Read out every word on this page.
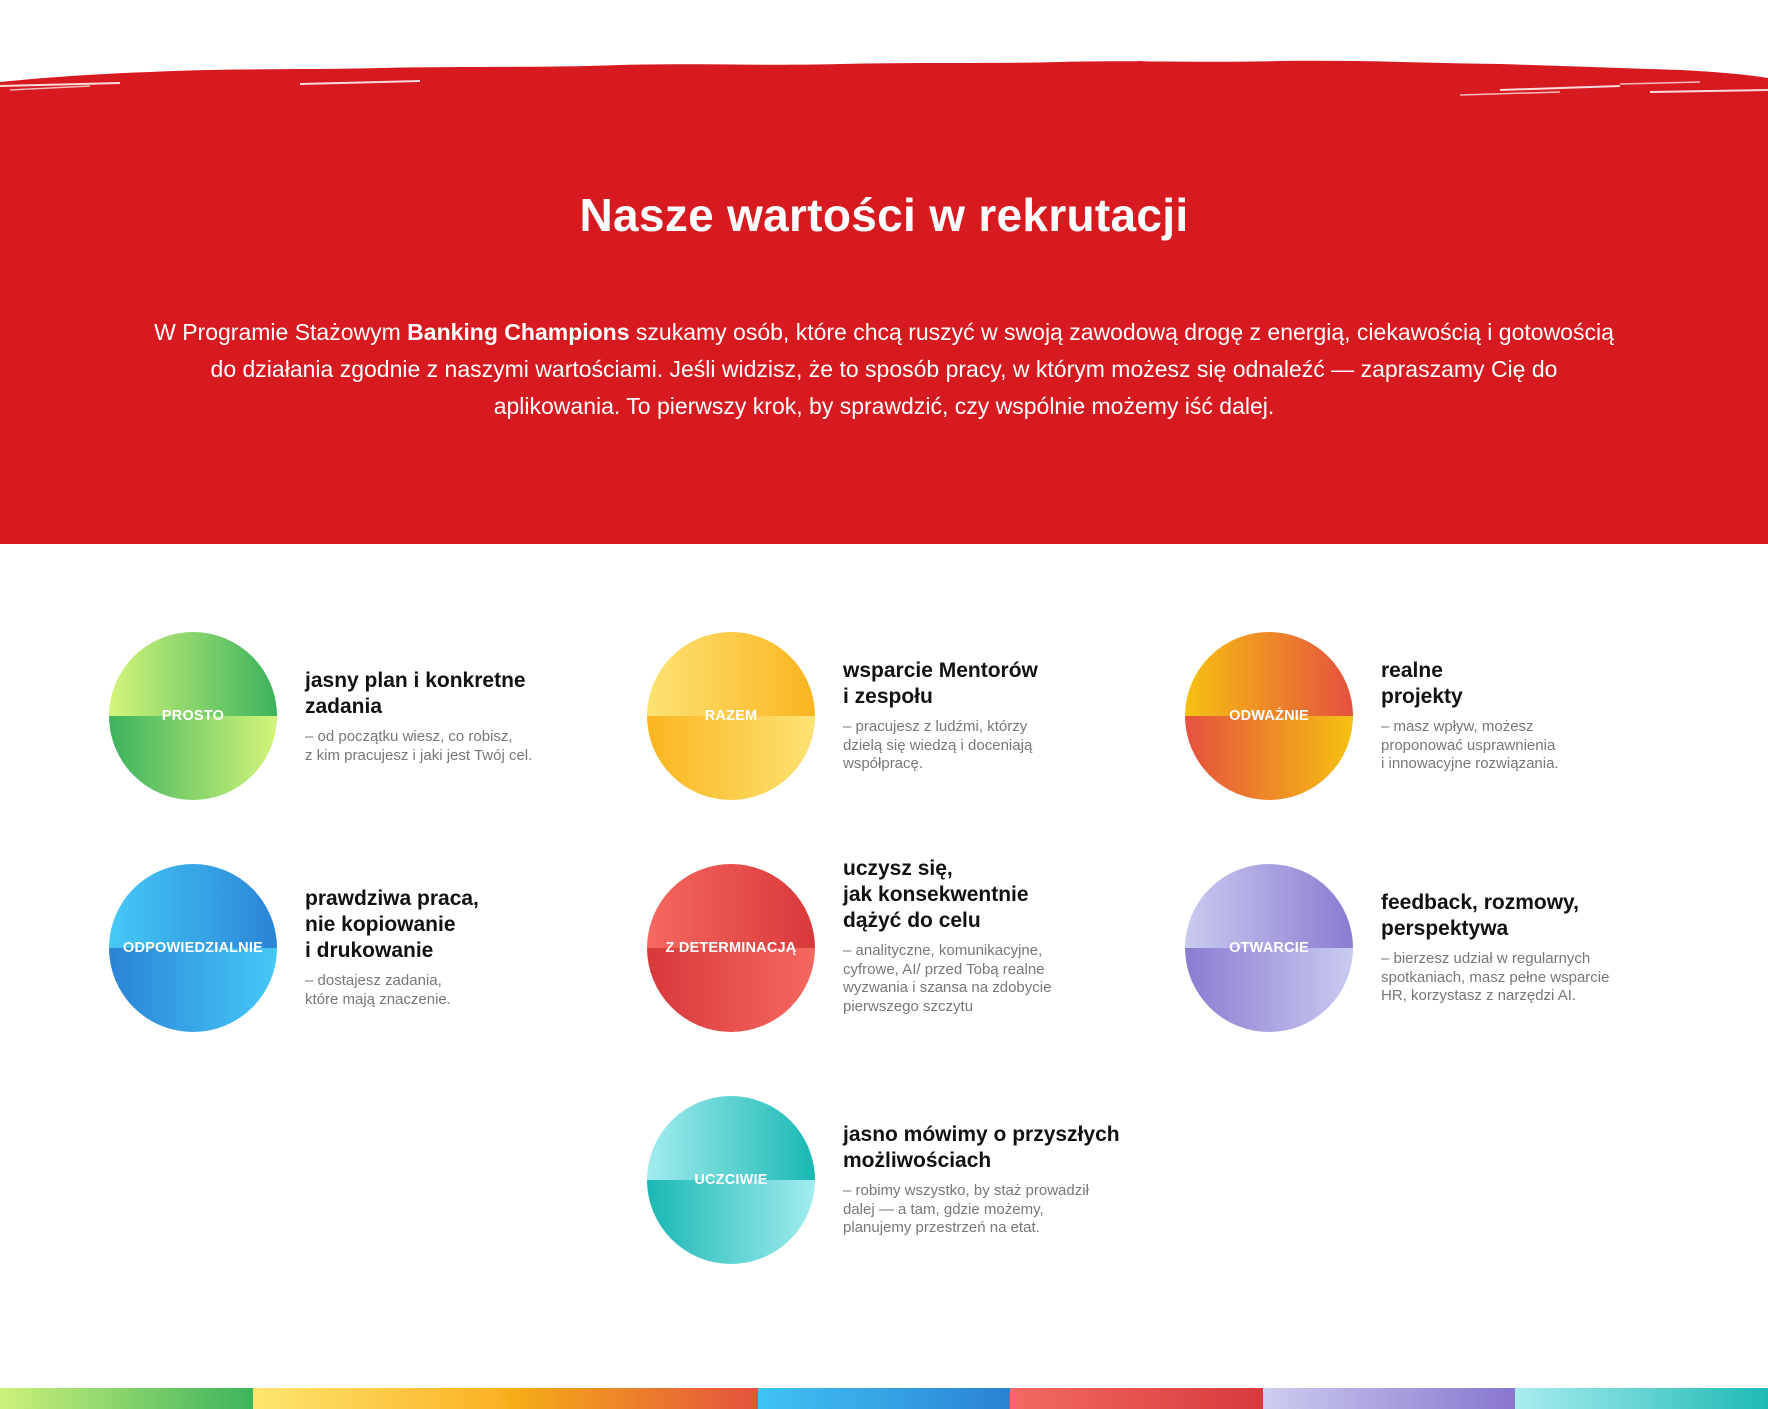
Nasze wartości w rekrutacji

W Programie Stażowym Banking Champions szukamy osób, które chcą ruszyć w swoją zawodową drogę z energią, ciekawością i gotowością do działania zgodnie z naszymi wartościami. Jeśli widzisz, że to sposób pracy, w którym możesz się odnaleźć — zapraszamy Cię do aplikowania. To pierwszy krok, by sprawdzić, czy wspólnie możemy iść dalej.

PROSTO
jasny plan i konkretne
zadania
– od początku wiesz, co robisz,
z kim pracujesz i jaki jest Twój cel.
RAZEM
wsparcie Mentorów
i zespołu
– pracujesz z ludźmi, którzy
dzielą się wiedzą i doceniają
współpracę.
ODWAŻNIE
realne
projekty
– masz wpływ, możesz
proponować usprawnienia
i innowacyjne rozwiązania.
ODPOWIEDZIALNIE
prawdziwa praca,
nie kopiowanie
i drukowanie
– dostajesz zadania,
które mają znaczenie.
Z DETERMINACJĄ
uczysz się,
jak konsekwentnie
dążyć do celu
– analityczne, komunikacyjne,
cyfrowe, AI/ przed Tobą realne
wyzwania i szansa na zdobycie
pierwszego szczytu
OTWARCIE
feedback, rozmowy,
perspektywa
– bierzesz udział w regularnych
spotkaniach, masz pełne wsparcie
HR, korzystasz z narzędzi AI.
UCZCIWIE
jasno mówimy o przyszłych
możliwościach
– robimy wszystko, by staż prowadził
dalej — a tam, gdzie możemy,
planujemy przestrzeń na etat.
